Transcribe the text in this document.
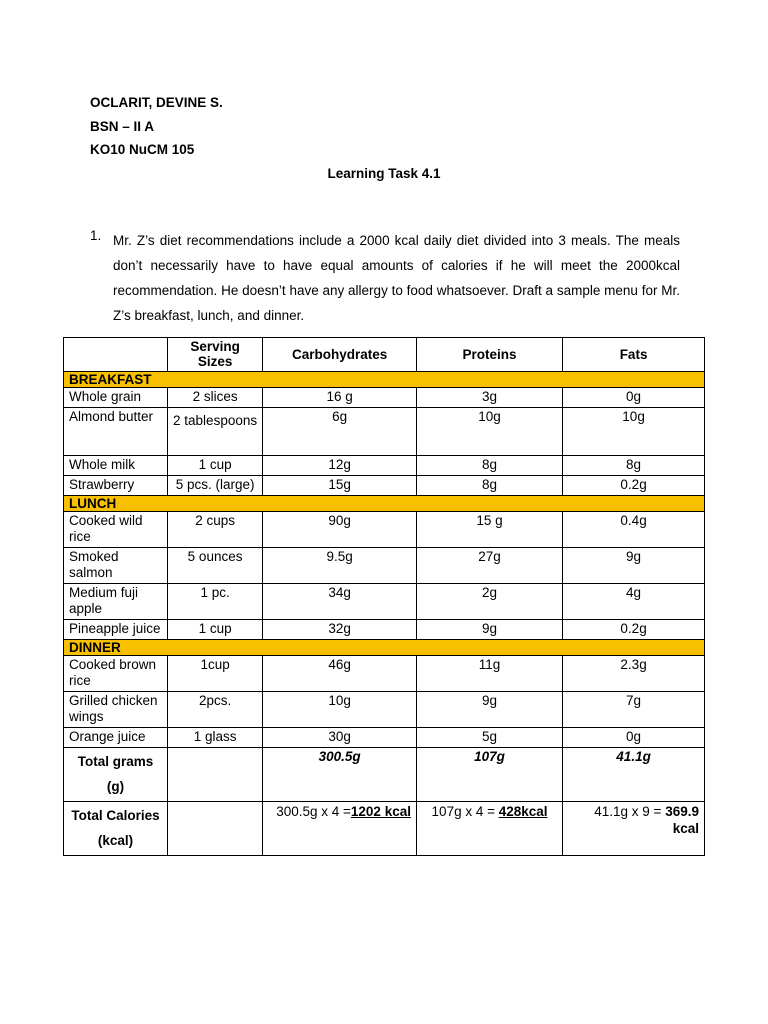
OCLARIT, DEVINE S.
BSN – II A
KO10 NuCM 105
Learning Task 4.1
1. Mr. Z’s diet recommendations include a 2000 kcal daily diet divided into 3 meals. The meals don’t necessarily have to have equal amounts of calories if he will meet the 2000kcal recommendation. He doesn’t have any allergy to food whatsoever. Draft a sample menu for Mr. Z’s breakfast, lunch, and dinner.
	Serving Sizes	Carbohydrates	Proteins	Fats
BREAKFAST				
Whole grain	2 slices	16 g	3g	0g
Almond butter	2 tablespoons	6g	10g	10g
Whole milk	1 cup	12g	8g	8g
Strawberry	5 pcs. (large)	15g	8g	0.2g
LUNCH				
Cooked wild rice	2 cups	90g	15 g	0.4g
Smoked salmon	5 ounces	9.5g	27g	9g
Medium fuji apple	1 pc.	34g	2g	4g
Pineapple juice	1 cup	32g	9g	0.2g
DINNER				
Cooked brown rice	1cup	46g	11g	2.3g
Grilled chicken wings	2pcs.	10g	9g	7g
Orange juice	1 glass	30g	5g	0g
Total grams (g)		300.5g	107g	41.1g
Total Calories (kcal)		300.5g x 4 =1202 kcal	107g x 4 = 428kcal	41.1g x 9 = 369.9 kcal
